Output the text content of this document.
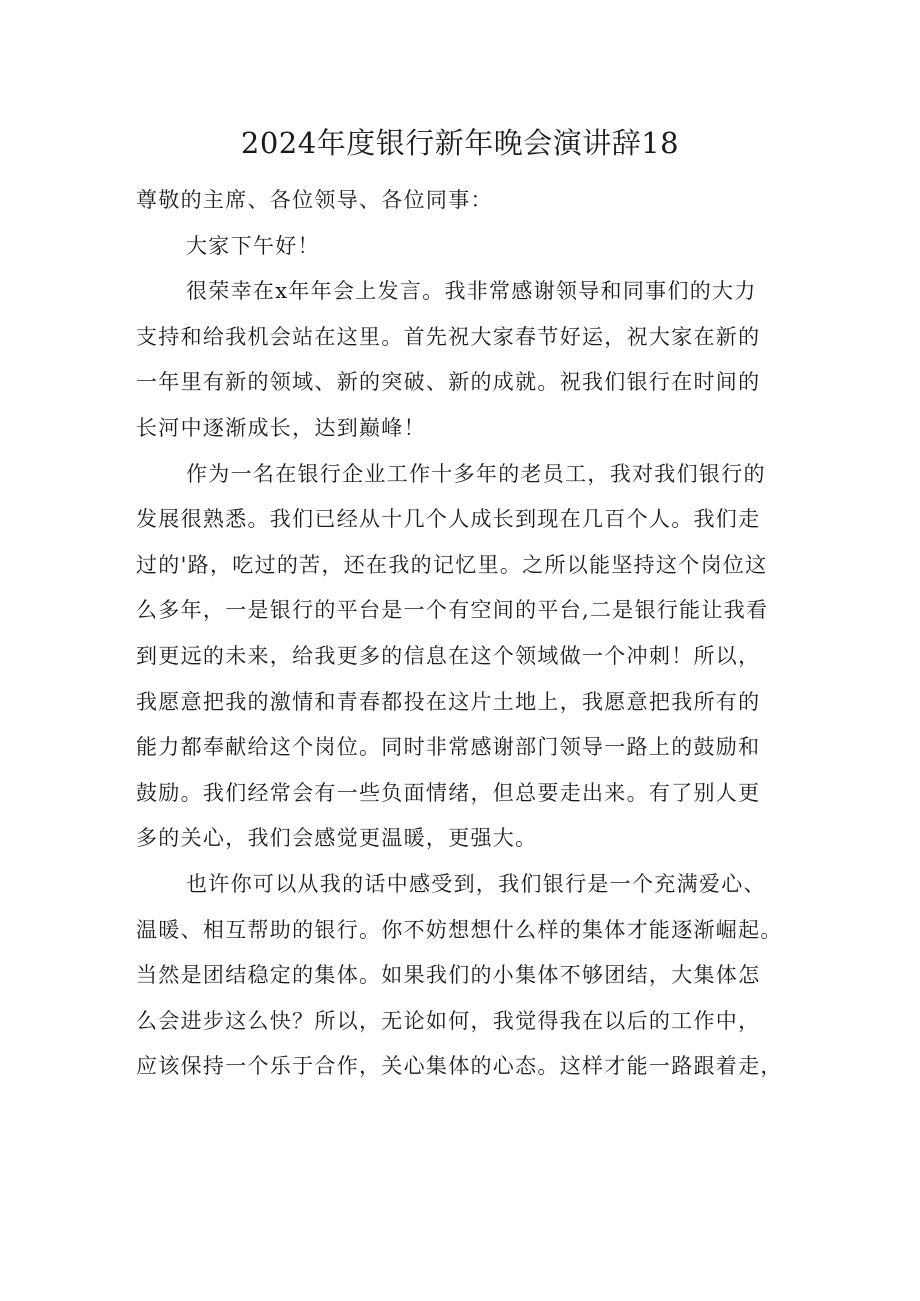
2024年度银行新年晚会演讲辞18

尊敬的主席、各位领导、各位同事：

大家下午好！

很荣幸在x年年会上发言。我非常感谢领导和同事们的大力
支持和给我机会站在这里。首先祝大家春节好运，祝大家在新的
一年里有新的领域、新的突破、新的成就。祝我们银行在时间的
长河中逐渐成长，达到巅峰！

作为一名在银行企业工作十多年的老员工，我对我们银行的
发展很熟悉。我们已经从十几个人成长到现在几百个人。我们走
过的'路，吃过的苦，还在我的记忆里。之所以能坚持这个岗位这
么多年，一是银行的平台是一个有空间的平台,二是银行能让我看
到更远的未来，给我更多的信息在这个领域做一个冲刺！所以，
我愿意把我的激情和青春都投在这片土地上，我愿意把我所有的
能力都奉献给这个岗位。同时非常感谢部门领导一路上的鼓励和
鼓励。我们经常会有一些负面情绪，但总要走出来。有了别人更
多的关心，我们会感觉更温暖，更强大。

也许你可以从我的话中感受到，我们银行是一个充满爱心、
温暖、相互帮助的银行。你不妨想想什么样的集体才能逐渐崛起。
当然是团结稳定的集体。如果我们的小集体不够团结，大集体怎
么会进步这么快？所以，无论如何，我觉得我在以后的工作中，
应该保持一个乐于合作，关心集体的心态。这样才能一路跟着走，
